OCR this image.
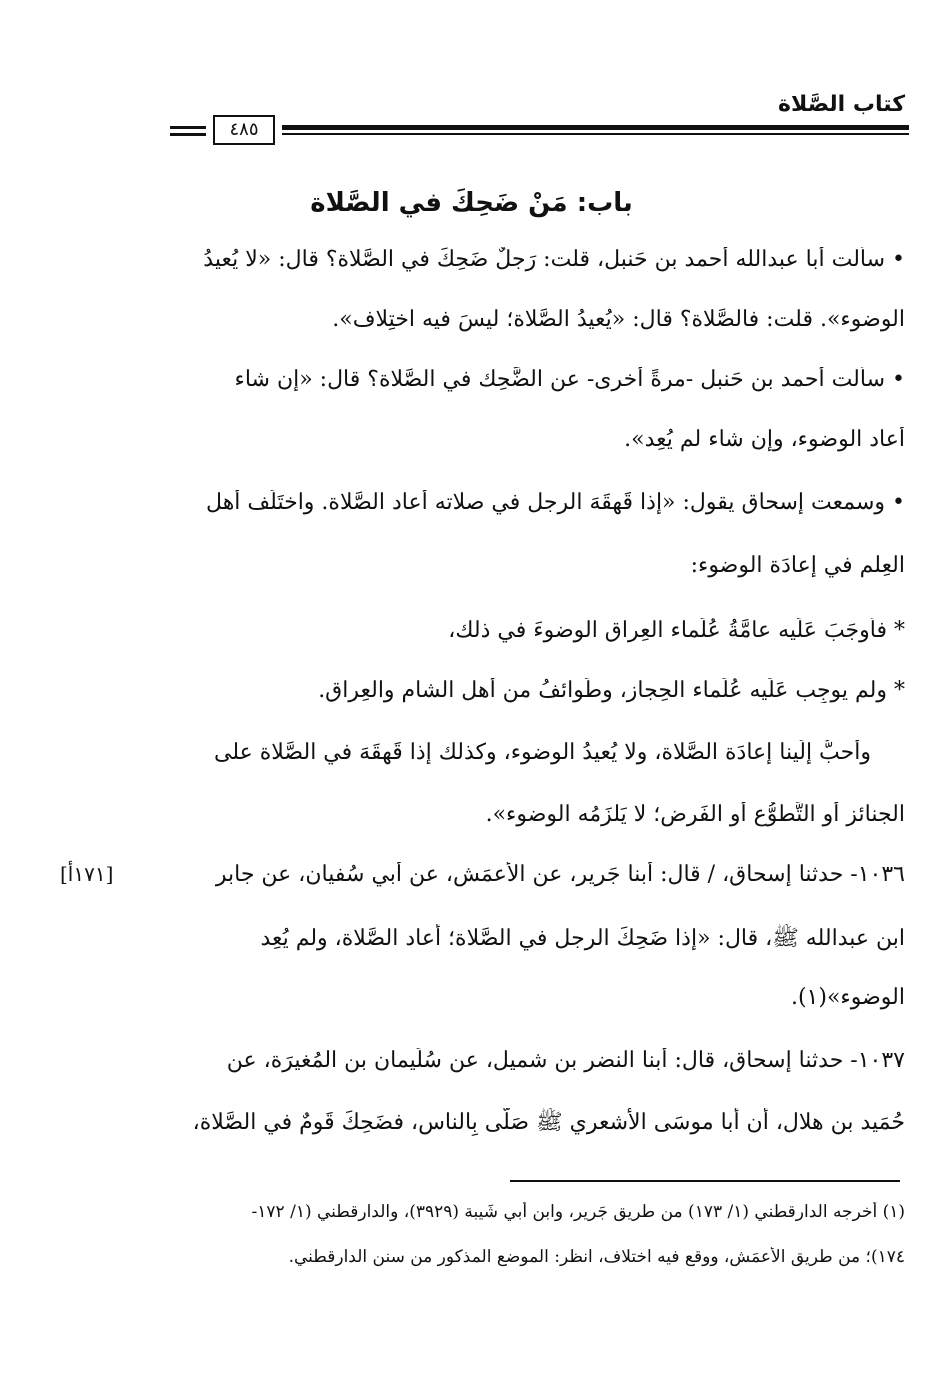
كتاب الصَّلاة
٤٨٥
باب: مَنْ ضَحِكَ في الصَّلاة
• سألت أبا عبدالله أحمد بن حَنبل، قلت: رَجلٌ ضَحِكَ في الصَّلاة؟ قال: «لا يُعيدُ
الوضوء». قلت: فالصَّلاة؟ قال: «يُعيدُ الصَّلاة؛ ليسَ فيه اختِلاف».
• سألت أحمد بن حَنبل -مرةً أخرى- عن الضَّحِك في الصَّلاة؟ قال: «إن شاء
أعاد الوضوء، وإن شاء لم يُعِد».
• وسمعت إسحاق يقول: «إذا قَهقَهَ الرجل في صلاته أعاد الصَّلاة. واختَلَف أهل
العِلم في إعادَة الوضوء:
* فأوجَبَ عَلَيه عامَّةُ عُلَماء العِراق الوضوءَ في ذلك،
* ولم يوجِب عَلَيه عُلَماء الحِجاز، وطَوائفُ من أهل الشام والعِراق.
وأحبُّ إلَينا إعادَة الصَّلاة، ولا يُعيدُ الوضوء، وكذلك إذا قَهقَهَ في الصَّلاة على
الجنائز أو التَّطوُّع أو الفَرض؛ لا يَلزَمُه الوضوء».
١٠٣٦- حدثنا إسحاق، / قال: أبنا جَرير، عن الأعمَش، عن أبي سُفيان، عن جابر
ابن عبدالله ﷺ، قال: «إذا ضَحِكَ الرجل في الصَّلاة؛ أعاد الصَّلاة، ولم يُعِد
الوضوء»(١).
١٠٣٧- حدثنا إسحاق، قال: أبنا النضر بن شميل، عن سُلَيمان بن المُغيرَة، عن
حُمَيد بن هلال، أن أبا موسَى الأشعري ﷺ صَلَّى بِالناس، فضَحِكَ قَومٌ في الصَّلاة،
[١٧١أ]
(١) أخرجه الدارقطني (١/ ١٧٣) من طريق جَرير، وابن أبي شَيبة (٣٩٢٩)، والدارقطني (١/ ١٧٢-
١٧٤)؛ من طريق الأعمَش، ووقع فيه اختلاف، انظر: الموضع المذكور من سنن الدارقطني.
